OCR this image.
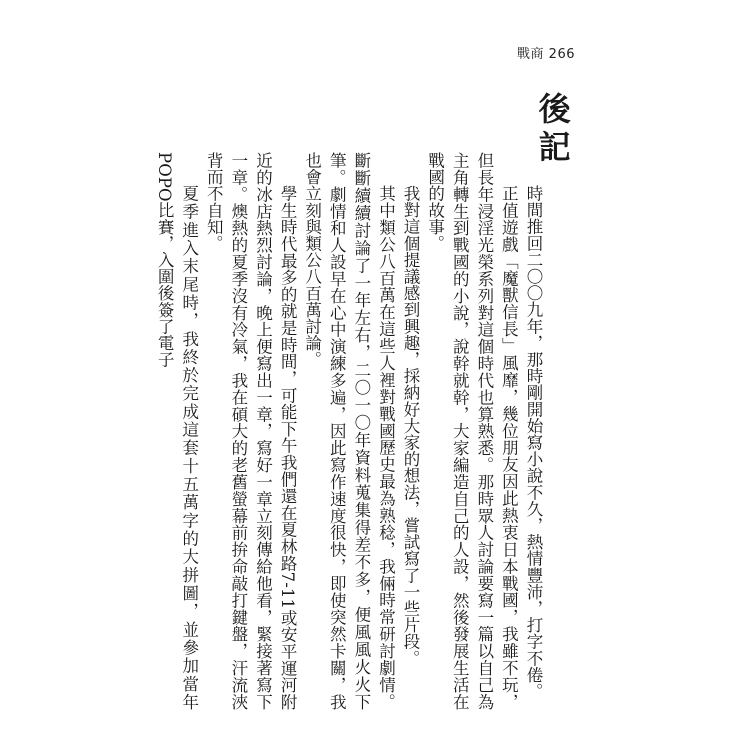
戰商 266
後記

時間推回二〇〇九年，那時剛開始寫小說不久，熱情豐沛，打字不倦。

正值遊戲「魔獸信長」風靡，幾位朋友因此熱衷日本戰國，我雖不玩，但長年浸淫光榮系列對這個時代也算熟悉。那時眾人討論要寫一篇以自己為主角轉生到戰國的小說，說幹就幹，大家編造自己的人設，然後發展生活在戰國的故事。

我對這個提議感到興趣，採納好大家的想法，嘗試寫了一些片段。

其中類公八百萬在這些人裡對戰國歷史最為熟稔，我倆時常研討劇情。斷斷續續討論了一年左右，二〇一〇年資料蒐集得差不多，便風風火火下筆。劇情和人設早在心中演練多遍，因此寫作速度很快，即使突然卡關，我也會立刻與類公八百萬討論。

學生時代最多的就是時間，可能下午我們還在夏林路7-11或安平運河附近的冰店熱烈討論，晚上便寫出一章，寫好一章立刻傳給他看，緊接著寫下一章。燠熱的夏季沒有冷氣，我在碩大的老舊螢幕前拚命敲打鍵盤，汗流浹背而不自知。

夏季進入末尾時，我終於完成這套十五萬字的大拼圖，並參加當年POPO比賽，入圍後簽了電子
